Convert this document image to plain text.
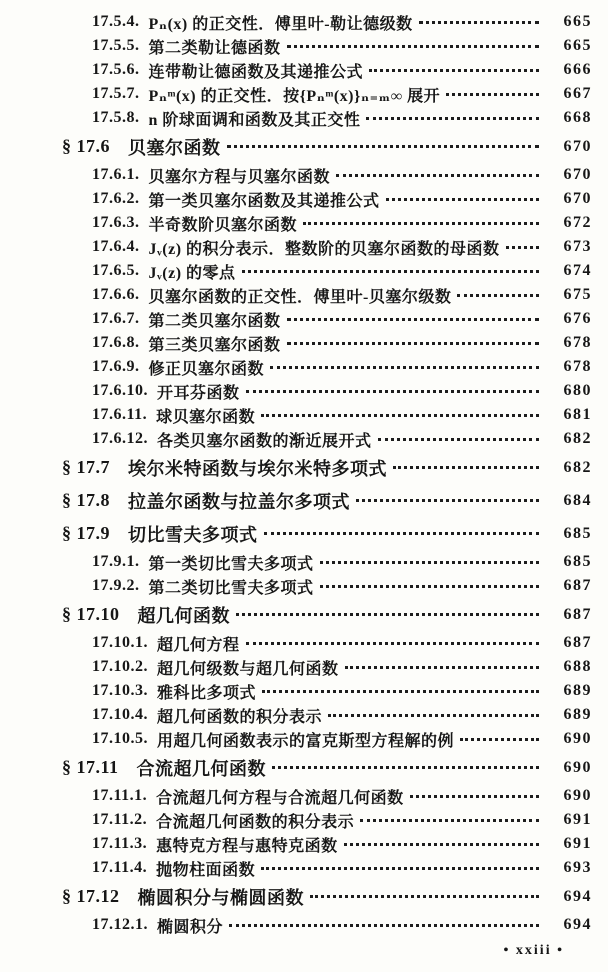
17.5.4. Pₙ(x) 的正交性．傅里叶-勒让德级数	665
17.5.5. 第二类勒让德函数	665
17.5.6. 连带勒让德函数及其递推公式	666
17.5.7. Pₙᵐ(x) 的正交性．按{Pₙᵐ(x)}ₙ₌ₘ∞ 展开	667
17.5.8. n 阶球面调和函数及其正交性	668
§ 17.6 贝塞尔函数	670
17.6.1. 贝塞尔方程与贝塞尔函数	670
17.6.2. 第一类贝塞尔函数及其递推公式	670
17.6.3. 半奇数阶贝塞尔函数	672
17.6.4. Jᵥ(z) 的积分表示．整数阶的贝塞尔函数的母函数	673
17.6.5. Jᵥ(z) 的零点	674
17.6.6. 贝塞尔函数的正交性．傅里叶-贝塞尔级数	675
17.6.7. 第二类贝塞尔函数	676
17.6.8. 第三类贝塞尔函数	678
17.6.9. 修正贝塞尔函数	678
17.6.10. 开耳芬函数	680
17.6.11. 球贝塞尔函数	681
17.6.12. 各类贝塞尔函数的渐近展开式	682
§ 17.7 埃尔米特函数与埃尔米特多项式	682
§ 17.8 拉盖尔函数与拉盖尔多项式	684
§ 17.9 切比雪夫多项式	685
17.9.1. 第一类切比雪夫多项式	685
17.9.2. 第二类切比雪夫多项式	687
§ 17.10 超几何函数	687
17.10.1. 超几何方程	687
17.10.2. 超几何级数与超几何函数	688
17.10.3. 雅科比多项式	689
17.10.4. 超几何函数的积分表示	689
17.10.5. 用超几何函数表示的富克斯型方程解的例	690
§ 17.11 合流超几何函数	690
17.11.1. 合流超几何方程与合流超几何函数	690
17.11.2. 合流超几何函数的积分表示	691
17.11.3. 惠特克方程与惠特克函数	691
17.11.4. 抛物柱面函数	693
§ 17.12 椭圆积分与椭圆函数	694
17.12.1. 椭圆积分	694
• xxiii •
